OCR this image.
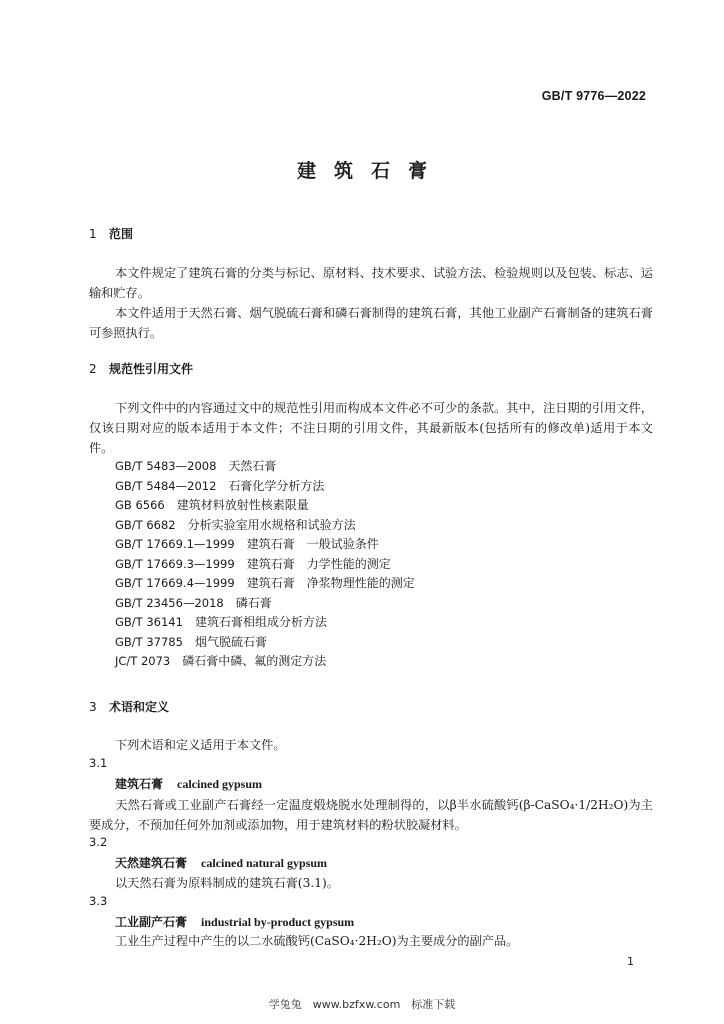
GB/T 9776—2022
建筑石膏
1 范围
本文件规定了建筑石膏的分类与标记、原材料、技术要求、试验方法、检验规则以及包装、标志、运输和贮存。
本文件适用于天然石膏、烟气脱硫石膏和磷石膏制得的建筑石膏，其他工业副产石膏制备的建筑石膏可参照执行。
2 规范性引用文件
下列文件中的内容通过文中的规范性引用而构成本文件必不可少的条款。其中，注日期的引用文件，仅该日期对应的版本适用于本文件；不注日期的引用文件，其最新版本(包括所有的修改单)适用于本文件。
GB/T 5483—2008 天然石膏
GB/T 5484—2012 石膏化学分析方法
GB 6566 建筑材料放射性核素限量
GB/T 6682 分析实验室用水规格和试验方法
GB/T 17669.1—1999 建筑石膏　一般试验条件
GB/T 17669.3—1999 建筑石膏　力学性能的测定
GB/T 17669.4—1999 建筑石膏　净浆物理性能的测定
GB/T 23456—2018 磷石膏
GB/T 36141 建筑石膏相组成分析方法
GB/T 37785 烟气脱硫石膏
JC/T 2073 磷石膏中磷、氟的测定方法
3 术语和定义
下列术语和定义适用于本文件。
3.1
建筑石膏 calcined gypsum
天然石膏或工业副产石膏经一定温度煅烧脱水处理制得的，以β半水硫酸钙(β-CaSO₄·1/2H₂O)为主要成分，不预加任何外加剂或添加物，用于建筑材料的粉状胶凝材料。
3.2
天然建筑石膏 calcined natural gypsum
以天然石膏为原料制成的建筑石膏(3.1)。
3.3
工业副产石膏 industrial by-product gypsum
工业生产过程中产生的以二水硫酸钙(CaSO₄·2H₂O)为主要成分的副产品。
1
学兔兔　www.bzfxw.com　标准下载
